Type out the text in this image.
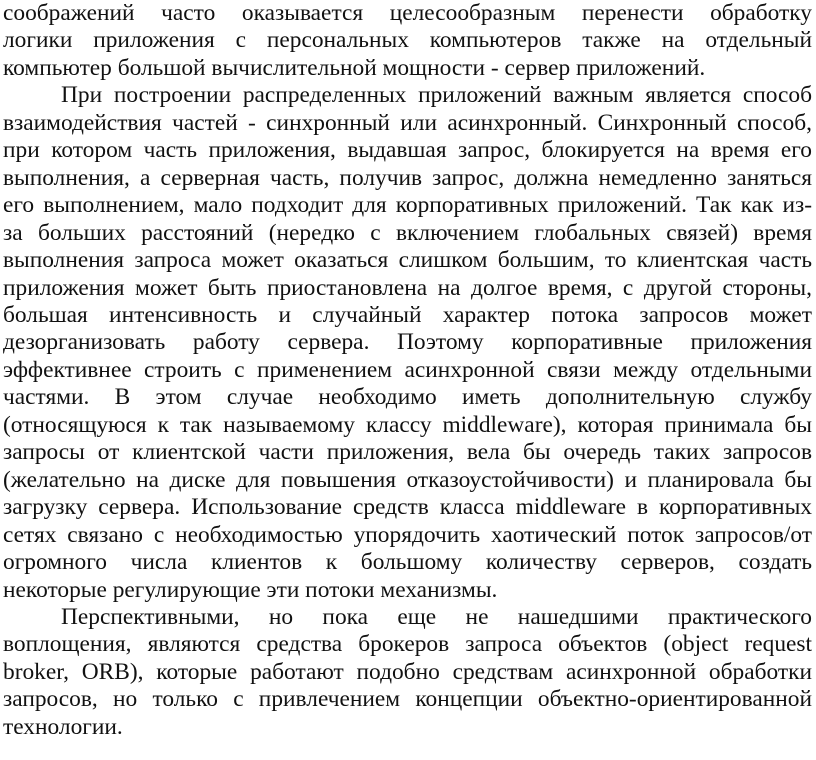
соображений часто оказывается целесообразным перенести обработку
логики приложения с персональных компьютеров также на отдельный
компьютер большой вычислительной мощности - сервер приложений.
При построении распределенных приложений важным является способ
взаимодействия частей - синхронный или асинхронный. Синхронный способ,
при котором часть приложения, выдавшая запрос, блокируется на время его
выполнения, а серверная часть, получив запрос, должна немедленно заняться
его выполнением, мало подходит для корпоративных приложений. Так как из-
за больших расстояний (нередко с включением глобальных связей) время
выполнения запроса может оказаться слишком большим, то клиентская часть
приложения может быть приостановлена на долгое время, с другой стороны,
большая интенсивность и случайный характер потока запросов может
дезорганизовать работу сервера. Поэтому корпоративные приложения
эффективнее строить с применением асинхронной связи между отдельными
частями. В этом случае необходимо иметь дополнительную службу
(относящуюся к так называемому классу middleware), которая принимала бы
запросы от клиентской части приложения, вела бы очередь таких запросов
(желательно на диске для повышения отказоустойчивости) и планировала бы
загрузку сервера. Использование средств класса middleware в корпоративных
сетях связано с необходимостью упорядочить хаотический поток запросов/от
огромного числа клиентов к большому количеству серверов, создать
некоторые регулирующие эти потоки механизмы.
Перспективными, но пока еще не нашедшими практического
воплощения, являются средства брокеров запроса объектов (object request
broker, ORB), которые работают подобно средствам асинхронной обработки
запросов, но только с привлечением концепции объектно-ориентированной
технологии.
